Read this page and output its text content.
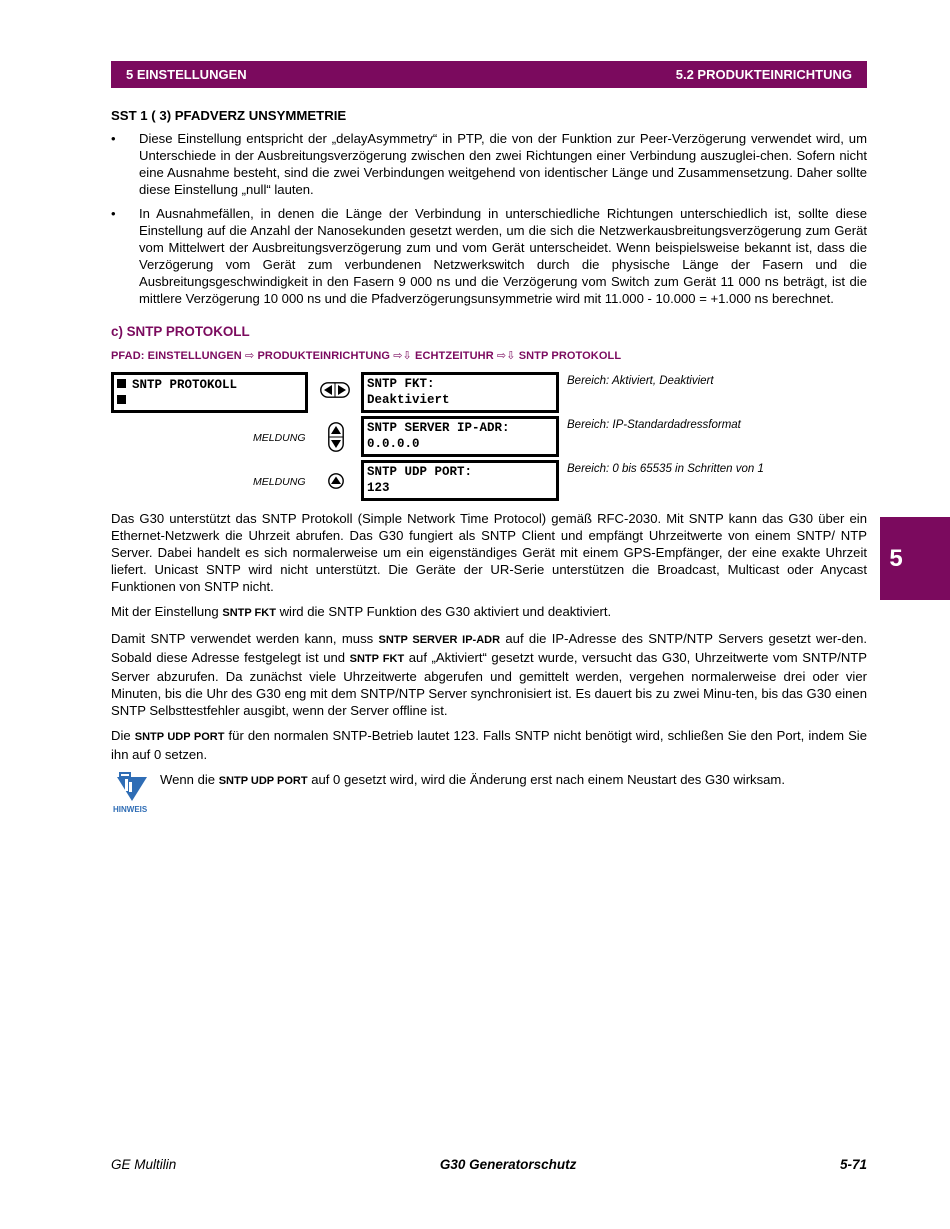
5 EINSTELLUNGEN	5.2 PRODUKTEINRICHTUNG
5
SST 1 ( 3) PFADVERZ UNSYMMETRIE
• Diese Einstellung entspricht der „delayAsymmetry“ in PTP, die von der Funktion zur Peer-Verzögerung verwendet wird, um Unterschiede in der Ausbreitungsverzögerung zwischen den zwei Richtungen einer Verbindung auszuglei-chen. Sofern nicht eine Ausnahme besteht, sind die zwei Verbindungen weitgehend von identischer Länge und Zusammensetzung. Daher sollte diese Einstellung „null“ lauten.
• In Ausnahmefällen, in denen die Länge der Verbindung in unterschiedliche Richtungen unterschiedlich ist, sollte diese Einstellung auf die Anzahl der Nanosekunden gesetzt werden, um die sich die Netzwerkausbreitungsverzögerung zum Gerät vom Mittelwert der Ausbreitungsverzögerung zum und vom Gerät unterscheidet. Wenn beispielsweise bekannt ist, dass die Verzögerung vom Gerät zum verbundenen Netzwerkswitch durch die physische Länge der Fasern und die Ausbreitungsgeschwindigkeit in den Fasern 9 000 ns und die Verzögerung vom Switch zum Gerät 11 000 ns beträgt, ist die mittlere Verzögerung 10 000 ns und die Pfadverzögerungsunsymmetrie wird mit 11.000 - 10.000 = +1.000 ns berechnet.
c) SNTP PROTOKOLL
PFAD: EINSTELLUNGEN ⇨ PRODUKTEINRICHTUNG ⇨⇩ ECHTZEITUHR ⇨⇩ SNTP PROTOKOLL
SNTP PROTOKOLL	SNTP FKT:
Deaktiviert
Bereich: Aktiviert, Deaktiviert
MELDUNG
SNTP SERVER IP-ADR:
0.0.0.0
Bereich: IP-Standardadressformat
MELDUNG
SNTP UDP PORT:
123
Bereich: 0 bis 65535 in Schritten von 1
Das G30 unterstützt das SNTP Protokoll (Simple Network Time Protocol) gemäß RFC-2030. Mit SNTP kann das G30 über ein Ethernet-Netzwerk die Uhrzeit abrufen. Das G30 fungiert als SNTP Client und empfängt Uhrzeitwerte von einem SNTP/ NTP Server. Dabei handelt es sich normalerweise um ein eigenständiges Gerät mit einem GPS-Empfänger, der eine exakte Uhrzeit liefert. Unicast SNTP wird nicht unterstützt. Die Geräte der UR-Serie unterstützen die Broadcast, Multicast oder Anycast Funktionen von SNTP nicht.
Mit der Einstellung SNTP FKT wird die SNTP Funktion des G30 aktiviert und deaktiviert.
Damit SNTP verwendet werden kann, muss SNTP SERVER IP-ADR auf die IP-Adresse des SNTP/NTP Servers gesetzt wer-den. Sobald diese Adresse festgelegt ist und SNTP FKT auf „Aktiviert“ gesetzt wurde, versucht das G30, Uhrzeitwerte vom SNTP/NTP Server abzurufen. Da zunächst viele Uhrzeitwerte abgerufen und gemittelt werden, vergehen normalerweise drei oder vier Minuten, bis die Uhr des G30 eng mit dem SNTP/NTP Server synchronisiert ist. Es dauert bis zu zwei Minu-ten, bis das G30 einen SNTP Selbsttestfehler ausgibt, wenn der Server offline ist.
Die SNTP UDP PORT für den normalen SNTP-Betrieb lautet 123. Falls SNTP nicht benötigt wird, schließen Sie den Port, indem Sie ihn auf 0 setzen.
HINWEIS
Wenn die SNTP UDP PORT auf 0 gesetzt wird, wird die Änderung erst nach einem Neustart des G30 wirksam.
GE Multilin	G30 Generatorschutz	5-71
